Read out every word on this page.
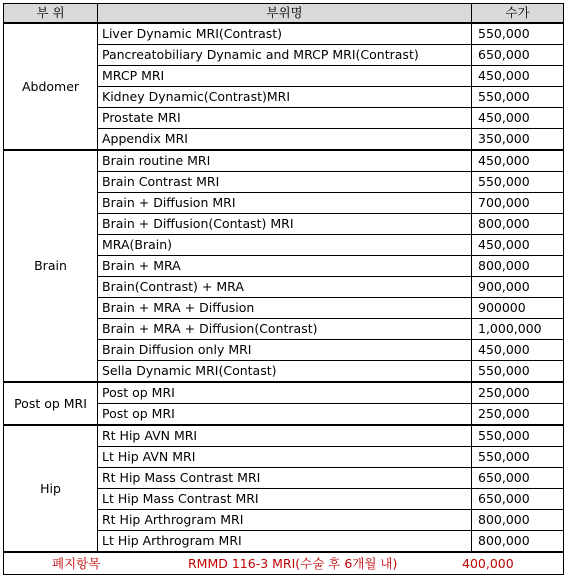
부 위	부위명	수가
Abdomer	Liver Dynamic MRI(Contrast)	550,000
	Pancreatobiliary Dynamic and MRCP MRI(Contrast)	650,000
	MRCP MRI	450,000
	Kidney Dynamic(Contrast)MRI	550,000
	Prostate MRI	450,000
	Appendix MRI	350,000
Brain	Brain routine MRI	450,000
	Brain Contrast MRI	550,000
	Brain + Diffusion MRI	700,000
	Brain + Diffusion(Contast) MRI	800,000
	MRA(Brain)	450,000
	Brain + MRA	800,000
	Brain(Contrast) + MRA	900,000
	Brain + MRA + Diffusion	900000
	Brain + MRA + Diffusion(Contrast)	1,000,000
	Brain Diffusion only MRI	450,000
	Sella Dynamic MRI(Contast)	550,000
Post op MRI	Post op MRI	250,000
	Post op MRI	250,000
Hip	Rt Hip AVN MRI	550,000
	Lt Hip AVN MRI	550,000
	Rt Hip Mass Contrast MRI	650,000
	Lt Hip Mass Contrast MRI	650,000
	Rt Hip Arthrogram MRI	800,000
	Lt Hip Arthrogram MRI	800,000

폐지항목 RMMD 116-3 MRI(수술 후 6개월 내) 400,000		
